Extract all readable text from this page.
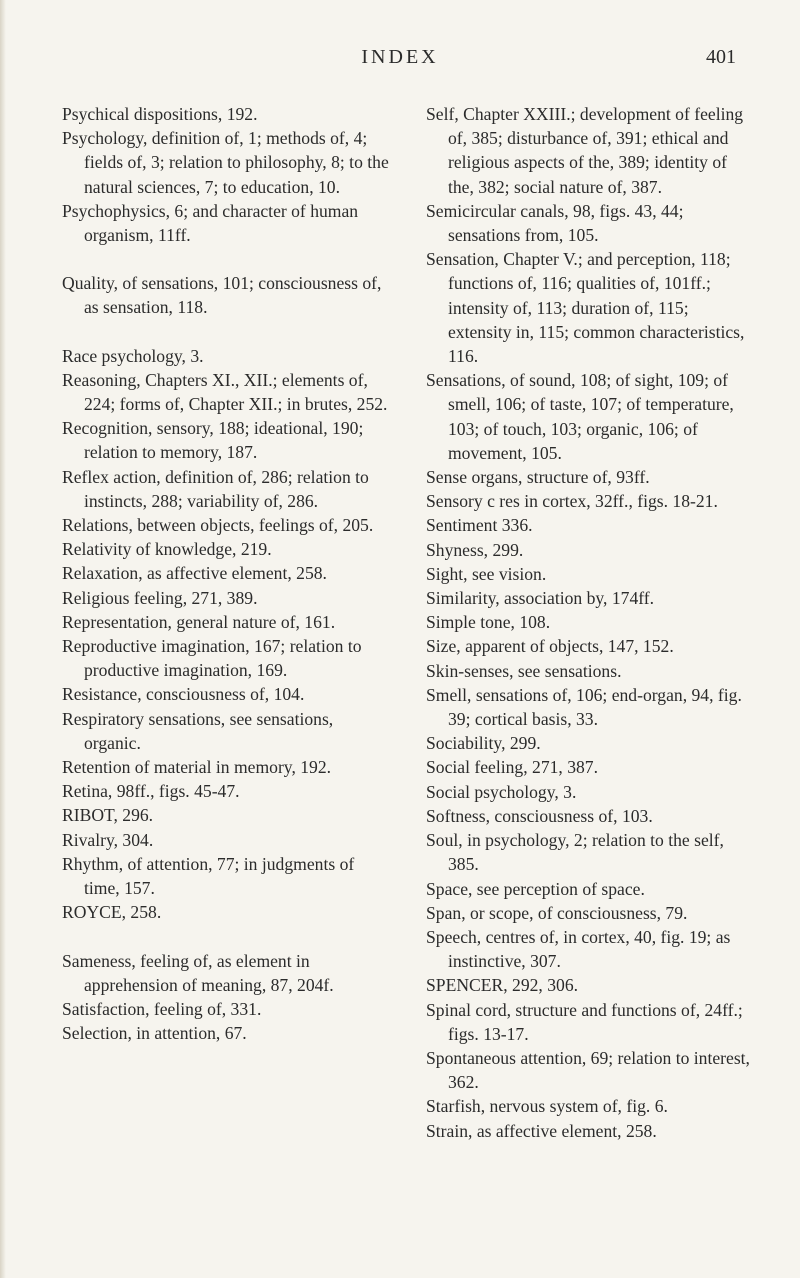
INDEX	401

Psychical dispositions, 192.

Psychology, definition of, 1; methods of, 4; fields of, 3; relation to philosophy, 8; to the natural sciences, 7; to education, 10.

Psychophysics, 6; and character of human organism, 11ff.

Quality, of sensations, 101; consciousness of, as sensation, 118.

Race psychology, 3.

Reasoning, Chapters XI., XII.; elements of, 224; forms of, Chapter XII.; in brutes, 252.

Recognition, sensory, 188; ideational, 190; relation to memory, 187.

Reflex action, definition of, 286; relation to instincts, 288; variability of, 286.

Relations, between objects, feelings of, 205.

Relativity of knowledge, 219.

Relaxation, as affective element, 258.

Religious feeling, 271, 389.

Representation, general nature of, 161.

Reproductive imagination, 167; relation to productive imagination, 169.

Resistance, consciousness of, 104.

Respiratory sensations, see sensations, organic.

Retention of material in memory, 192.

Retina, 98ff., figs. 45-47.

RIBOT, 296.

Rivalry, 304.

Rhythm, of attention, 77; in judgments of time, 157.

ROYCE, 258.

Sameness, feeling of, as element in apprehension of meaning, 87, 204f.

Satisfaction, feeling of, 331.

Selection, in attention, 67.

Self, Chapter XXIII.; development of feeling of, 385; disturbance of, 391; ethical and religious aspects of the, 389; identity of the, 382; social nature of, 387.

Semicircular canals, 98, figs. 43, 44; sensations from, 105.

Sensation, Chapter V.; and perception, 118; functions of, 116; qualities of, 101ff.; intensity of, 113; duration of, 115; extensity in, 115; common characteristics, 116.

Sensations, of sound, 108; of sight, 109; of smell, 106; of taste, 107; of temperature, 103; of touch, 103; organic, 106; of movement, 105.

Sense organs, structure of, 93ff.

Sensory c res in cortex, 32ff., figs. 18-21.

Sentiment 336.

Shyness, 299.

Sight, see vision.

Similarity, association by, 174ff.

Simple tone, 108.

Size, apparent of objects, 147, 152.

Skin-senses, see sensations.

Smell, sensations of, 106; end-organ, 94, fig. 39; cortical basis, 33.

Sociability, 299.

Social feeling, 271, 387.

Social psychology, 3.

Softness, consciousness of, 103.

Soul, in psychology, 2; relation to the self, 385.

Space, see perception of space.

Span, or scope, of consciousness, 79.

Speech, centres of, in cortex, 40, fig. 19; as instinctive, 307.

SPENCER, 292, 306.

Spinal cord, structure and functions of, 24ff.; figs. 13-17.

Spontaneous attention, 69; relation to interest, 362.

Starfish, nervous system of, fig. 6.

Strain, as affective element, 258.
